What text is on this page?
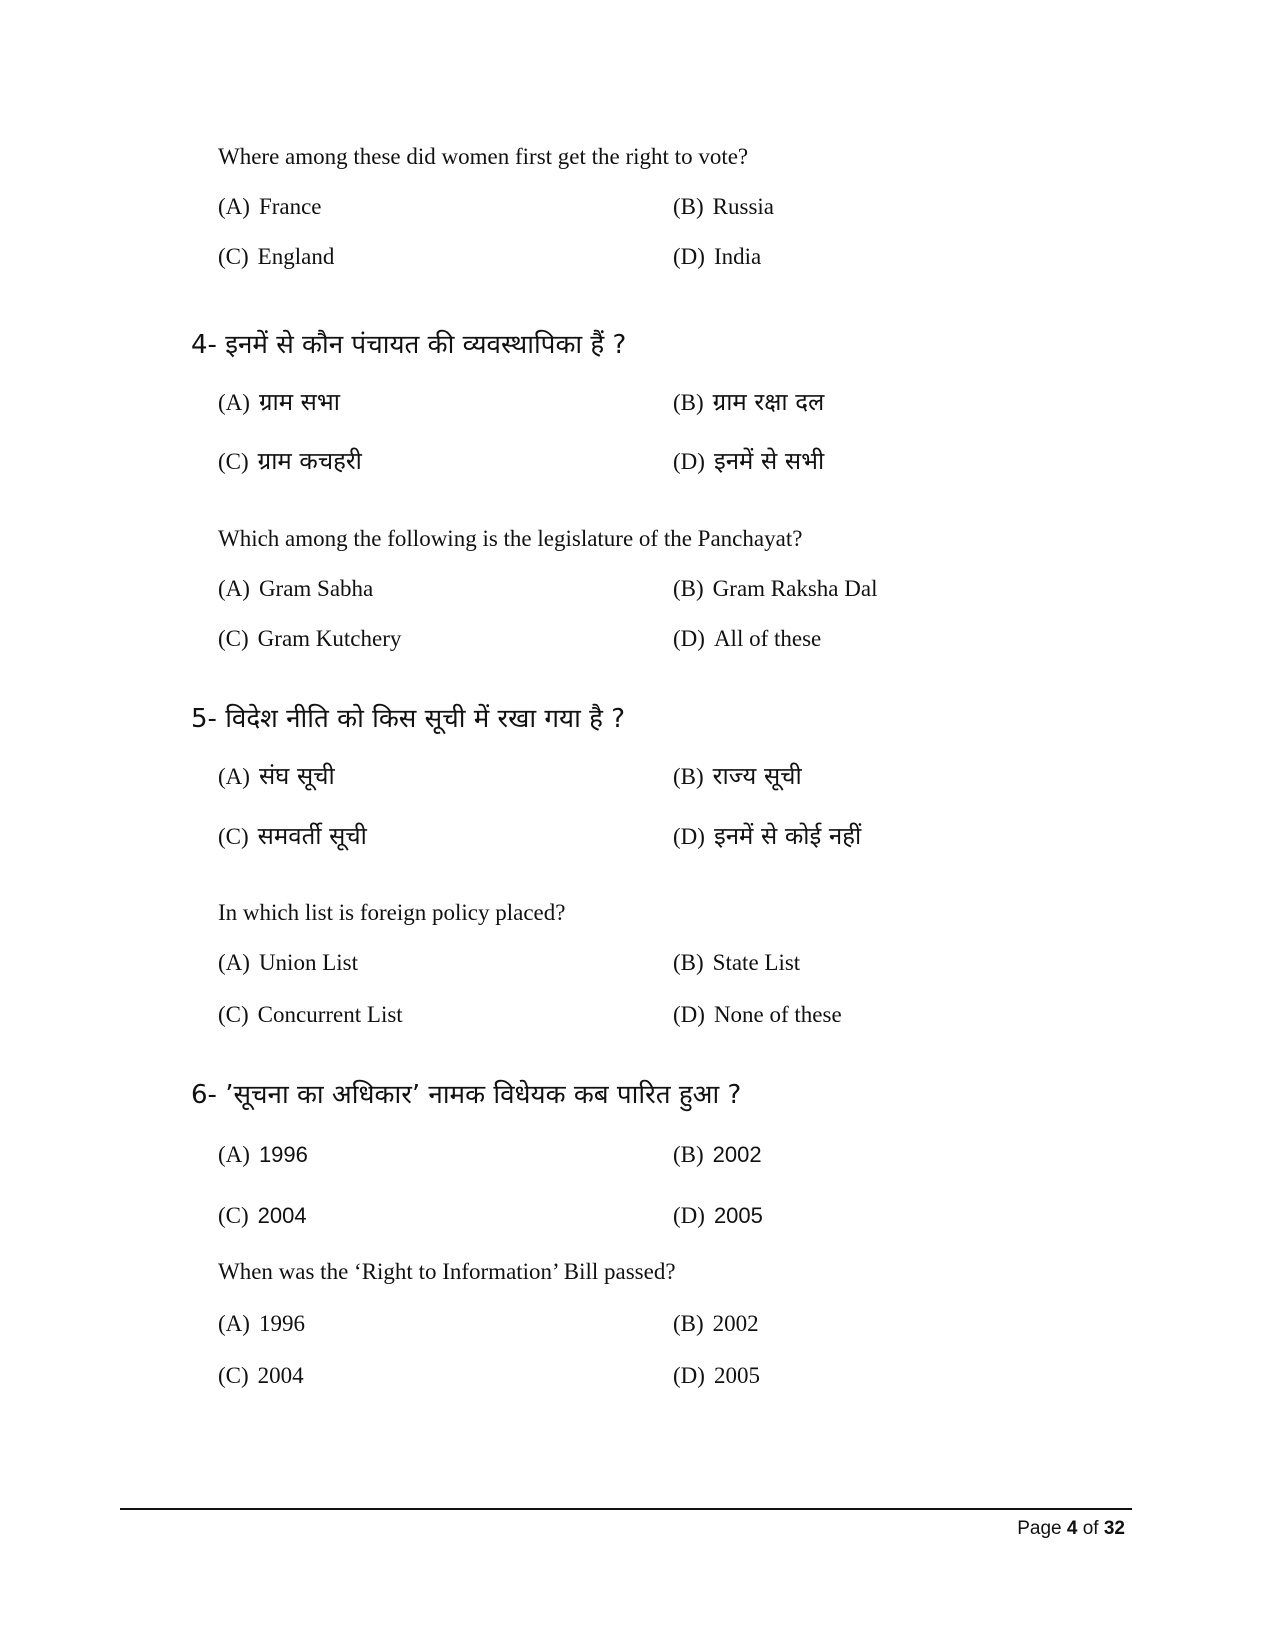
Where among these did women first get the right to vote?
(A) France	(B) Russia
(C) England	(D) India
4- इनमें से कौन पंचायत की व्यवस्थापिका हैं ?
(A) ग्राम सभा	(B) ग्राम रक्षा दल
(C) ग्राम कचहरी	(D) इनमें से सभी
Which among the following is the legislature of the Panchayat?
(A) Gram Sabha	(B) Gram Raksha Dal
(C) Gram Kutchery	(D) All of these
5- विदेश नीति को किस सूची में रखा गया है ?
(A) संघ सूची	(B) राज्य सूची
(C) समवर्ती सूची	(D) इनमें से कोई नहीं
In which list is foreign policy placed?
(A) Union List	(B) State List
(C) Concurrent List	(D) None of these
6- ’सूचना का अधिकार’ नामक विधेयक कब पारित हुआ ?
(A) 1996	(B) 2002
(C) 2004	(D) 2005
When was the ‘Right to Information’ Bill passed?
(A) 1996	(B) 2002
(C) 2004	(D) 2005
Page 4 of 32
